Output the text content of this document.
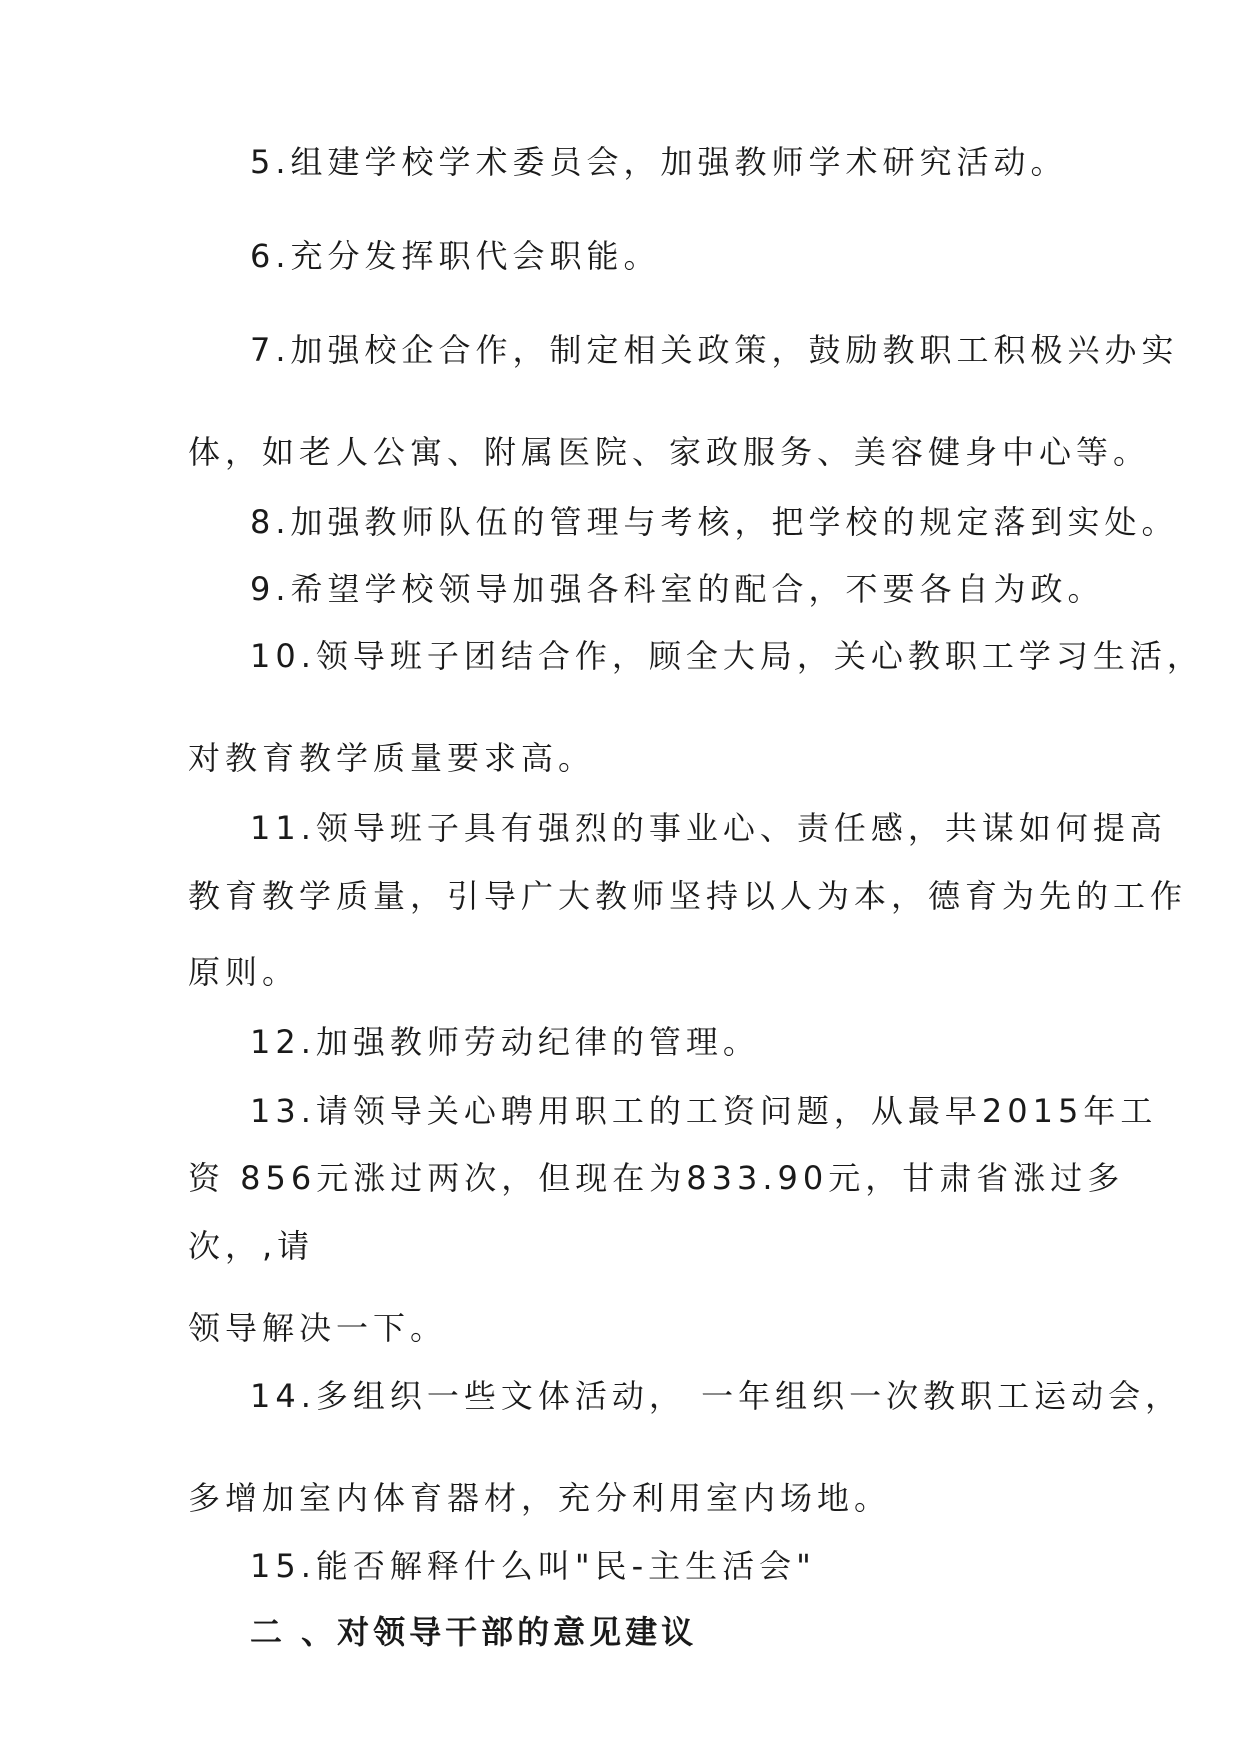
5.组建学校学术委员会，加强教师学术研究活动。
6.充分发挥职代会职能。
7.加强校企合作，制定相关政策，鼓励教职工积极兴办实
体，如老人公寓、附属医院、家政服务、美容健身中心等。
8.加强教师队伍的管理与考核，把学校的规定落到实处。
9.希望学校领导加强各科室的配合，不要各自为政。
10.领导班子团结合作，顾全大局，关心教职工学习生活，
对教育教学质量要求高。
11.领导班子具有强烈的事业心、责任感，共谋如何提高
教育教学质量，引导广大教师坚持以人为本，德育为先的工作
原则。
12.加强教师劳动纪律的管理。
13.请领导关心聘用职工的工资问题，从最早2015年工
资 856元涨过两次，但现在为833.90元，甘肃省涨过多
次，,请
领导解决一下。
14.多组织一些文体活动， 一年组织一次教职工运动会，
多增加室内体育器材，充分利用室内场地。
15.能否解释什么叫"民-主生活会"
二 、对领导干部的意见建议
